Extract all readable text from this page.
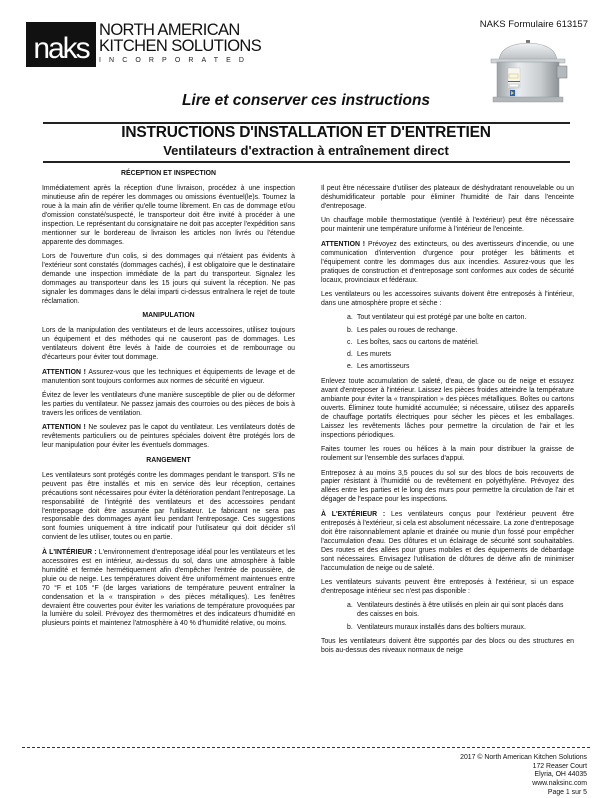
naks
NORTH AMERICAN
KITCHEN SOLUTIONS
INCORPORATED
NAKS Formulaire 613157
Lire et conserver ces instructions
INSTRUCTIONS D'INSTALLATION ET D'ENTRETIEN
Ventilateurs d'extraction à entraînement direct
RÉCEPTION ET INSPECTION

Immédiatement après la réception d'une livraison, procédez à une inspection minutieuse afin de repérer les dommages ou omissions éventuel(le)s. Tournez la roue à la main afin de vérifier qu'elle tourne librement. En cas de dommage et/ou d'omission constaté/suspecté, le transporteur doit être invité à procéder à une inspection. Le représentant du consignataire ne doit pas accepter l'expédition sans mentionner sur le bordereau de livraison les articles non livrés ou l'étendue apparente des dommages.

Lors de l'ouverture d'un colis, si des dommages qui n'étaient pas évidents à l'extérieur sont constatés (dommages cachés), il est obligatoire que le destinataire demande une inspection immédiate de la part du transporteur. Signalez les dommages au transporteur dans les 15 jours qui suivent la réception. Ne pas signaler les dommages dans le délai imparti ci-dessus entraînera le rejet de toute réclamation.

MANIPULATION

Lors de la manipulation des ventilateurs et de leurs accessoires, utilisez toujours un équipement et des méthodes qui ne causeront pas de dommages. Les ventilateurs doivent être levés à l'aide de courroies et de rembourrage ou d'écarteurs pour éviter tout dommage.

ATTENTION ! Assurez-vous que les techniques et équipements de levage et de manutention sont toujours conformes aux normes de sécurité en vigueur.

Évitez de lever les ventilateurs d'une manière susceptible de plier ou de déformer les parties du ventilateur. Ne passez jamais des courroies ou des pièces de bois à travers les orifices de ventilation.

ATTENTION ! Ne soulevez pas le capot du ventilateur. Les ventilateurs dotés de revêtements particuliers ou de peintures spéciales doivent être protégés lors de leur manipulation pour éviter les éventuels dommages.

RANGEMENT

Les ventilateurs sont protégés contre les dommages pendant le transport. S'ils ne peuvent pas être installés et mis en service dès leur réception, certaines précautions sont nécessaires pour éviter la détérioration pendant l'entreposage. La responsabilité de l'intégrité des ventilateurs et des accessoires pendant l'entreposage doit être assumée par l'utilisateur. Le fabricant ne sera pas responsable des dommages ayant lieu pendant l'entreposage. Ces suggestions sont fournies uniquement à titre indicatif pour l'utilisateur qui doit décider s'il convient de les utiliser, toutes ou en partie.

À L'INTÉRIEUR : L'environnement d'entreposage idéal pour les ventilateurs et les accessoires est en intérieur, au-dessus du sol, dans une atmosphère à faible humidité et fermée hermétiquement afin d'empêcher l'entrée de poussière, de pluie ou de neige. Les températures doivent être uniformément maintenues entre 70 °F et 105 °F (de larges variations de température peuvent entraîner la condensation et la « transpiration » des pièces métalliques). Les fenêtres devraient être couvertes pour éviter les variations de température provoquées par la lumière du soleil. Prévoyez des thermomètres et des indicateurs d'humidité en plusieurs points et maintenez l'atmosphère à 40 % d'humidité relative, ou moins.

Il peut être nécessaire d'utiliser des plateaux de déshydratant renouvelable ou un déshumidificateur portable pour éliminer l'humidité de l'air dans l'enceinte d'entreposage.

Un chauffage mobile thermostatique (ventilé à l'extérieur) peut être nécessaire pour maintenir une température uniforme à l'intérieur de l'enceinte.

ATTENTION ! Prévoyez des extincteurs, ou des avertisseurs d'incendie, ou une communication d'intervention d'urgence pour protéger les bâtiments et l'équipement contre les dommages dus aux incendies. Assurez-vous que les pratiques de construction et d'entreposage sont conformes aux codes de sécurité locaux, provinciaux et fédéraux.

Les ventilateurs ou les accessoires suivants doivent être entreposés à l'intérieur, dans une atmosphère propre et sèche :

a. Tout ventilateur qui est protégé par une boîte en carton.
b. Les pales ou roues de rechange.
c. Les boîtes, sacs ou cartons de matériel.
d. Les murets
e. Les amortisseurs

Enlevez toute accumulation de saleté, d'eau, de glace ou de neige et essuyez avant d'entreposer à l'intérieur. Laissez les pièces froides atteindre la température ambiante pour éviter la « transpiration » des pièces métalliques. Boîtes ou cartons ouverts. Éliminez toute humidité accumulée; si nécessaire, utilisez des appareils de chauffage portatifs électriques pour sécher les pièces et les emballages. Laissez les revêtements lâches pour permettre la circulation de l'air et les inspections périodiques.

Faites tourner les roues ou hélices à la main pour distribuer la graisse de roulement sur l'ensemble des surfaces d'appui.

Entreposez à au moins 3,5 pouces du sol sur des blocs de bois recouverts de papier résistant à l'humidité ou de revêtement en polyéthylène. Prévoyez des allées entre les parties et le long des murs pour permettre la circulation de l'air et dégager de l'espace pour les inspections.

À L'EXTÉRIEUR : Les ventilateurs conçus pour l'extérieur peuvent être entreposés à l'extérieur, si cela est absolument nécessaire. La zone d'entreposage doit être raisonnablement aplanie et drainée ou munie d'un fossé pour empêcher l'accumulation d'eau. Des clôtures et un éclairage de sécurité sont souhaitables. Des routes et des allées pour grues mobiles et des équipements de débardage sont nécessaires. Envisagez l'utilisation de clôtures de dérive afin de minimiser l'accumulation de neige ou de saleté.

Les ventilateurs suivants peuvent être entreposés à l'extérieur, si un espace d'entreposage intérieur sec n'est pas disponible :

a. Ventilateurs destinés à être utilisés en plein air qui sont placés dans des caisses en bois.
b. Ventilateurs muraux installés dans des boîtiers muraux.

Tous les ventilateurs doivent être supportés par des blocs ou des structures en bois au-dessus des niveaux normaux de neige

2017 © North American Kitchen Solutions
172 Reaser Court
Elyria, OH 44035
www.naksinc.com
Page 1 sur 5
